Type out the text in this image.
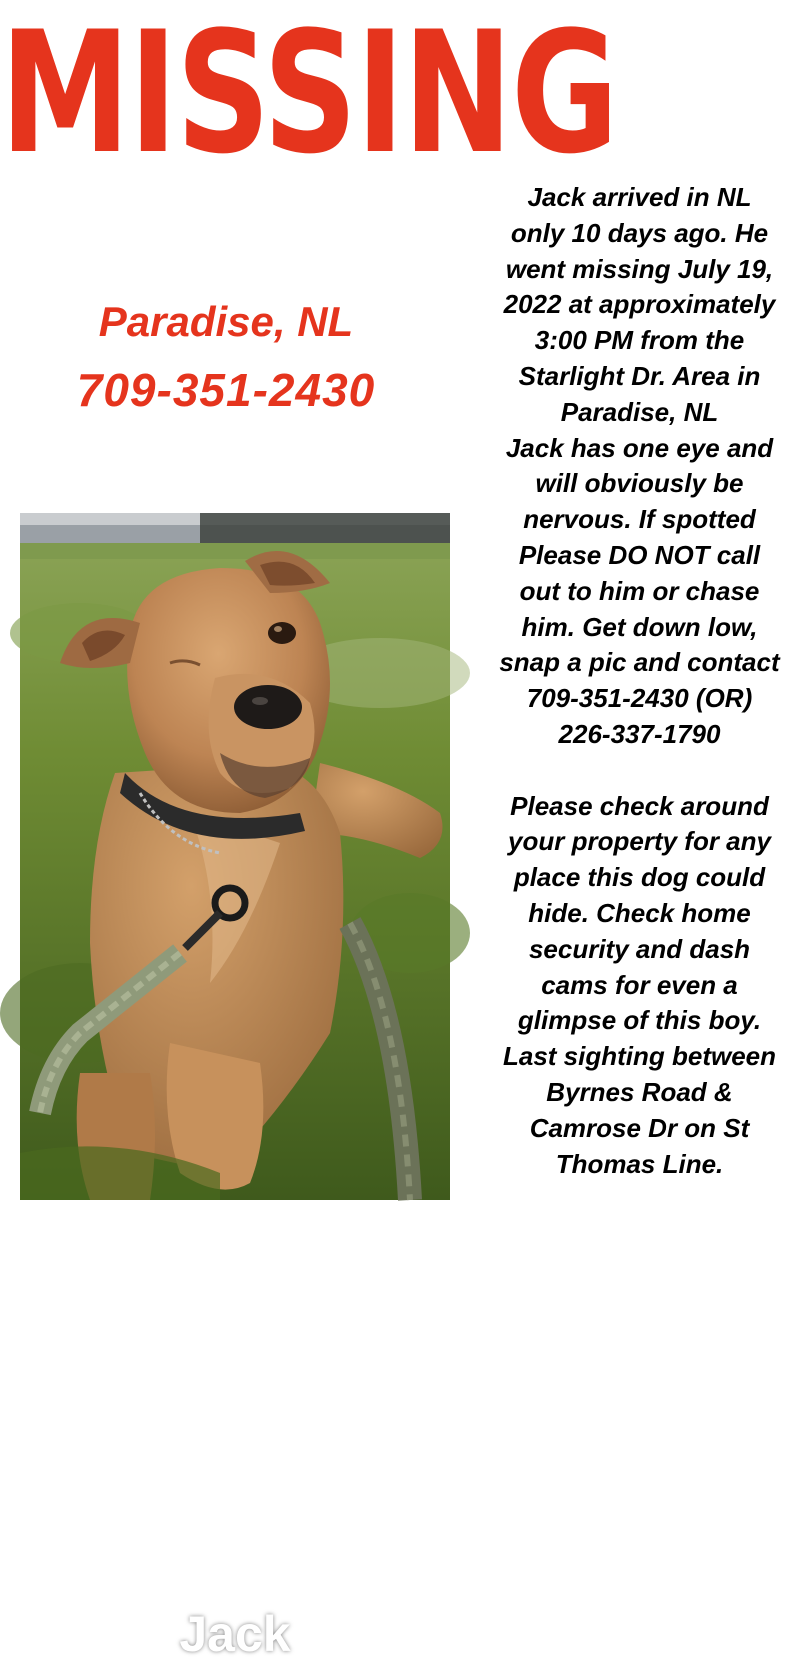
MISSING
Paradise, NL
709-351-2430
Jack arrived in NL
only 10 days ago. He
went missing July 19,
2022 at approximately
3:00 PM from the
Starlight Dr. Area in
Paradise, NL
Jack has one eye and
will obviously be
nervous. If spotted
Please DO NOT call
out to him or chase
him. Get down low,
snap a pic and contact
709-351-2430 (OR)
226-337-1790
Please check around
your property for any
place this dog could
hide. Check home
security and dash
cams for even a
glimpse of this boy.
Last sighting between
Byrnes Road &
Camrose Dr on St
Thomas Line.
Jack
